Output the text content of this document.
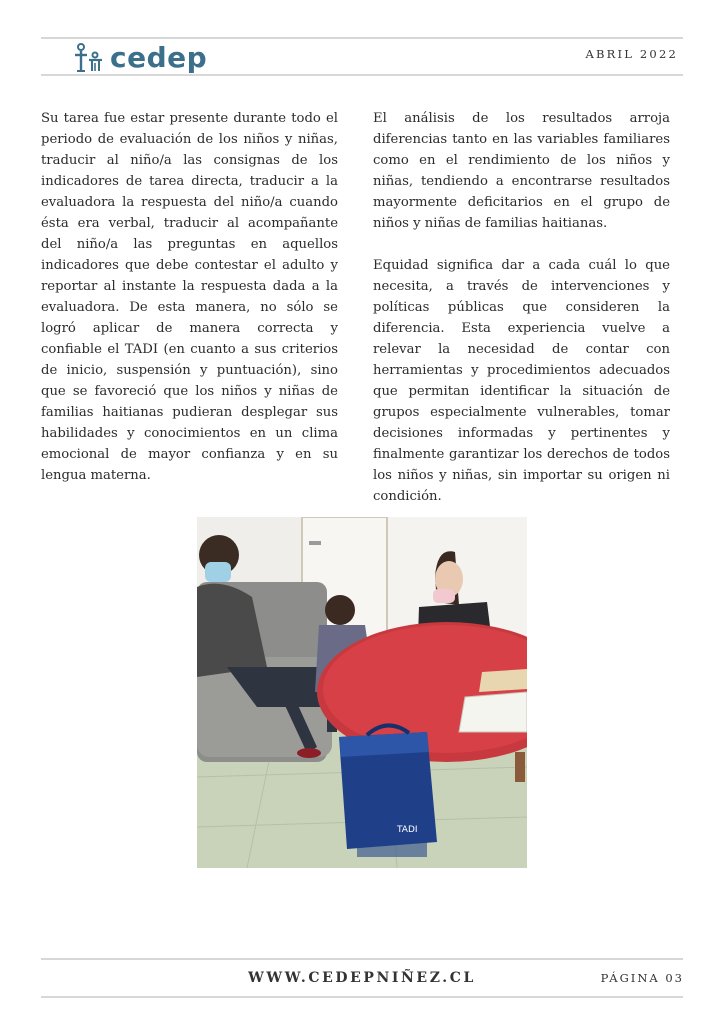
cedep	ABRIL 2022

Su tarea fue estar presente durante todo el periodo de evaluación de los niños y niñas, traducir al niño/a las consignas de los indicadores de tarea directa, traducir a la evaluadora la respuesta del niño/a cuando ésta era verbal, traducir al acompañante del niño/a las preguntas en aquellos indicadores que debe contestar el adulto y reportar al instante la respuesta dada a la evaluadora. De esta manera, no sólo se logró aplicar de manera correcta y confiable el TADI (en cuanto a sus criterios de inicio, suspensión y puntuación), sino que se favoreció que los niños y niñas de familias haitianas pudieran desplegar sus habilidades y conocimientos en un clima emocional de mayor confianza y en su lengua materna.

El análisis de los resultados arroja diferencias tanto en las variables familiares como en el rendimiento de los niños y niñas, tendiendo a encontrarse resultados mayormente deficitarios en el grupo de niños y niñas de familias haitianas.

Equidad significa dar a cada cuál lo que necesita, a través de intervenciones y políticas públicas que consideren la diferencia. Esta experiencia vuelve a relevar la necesidad de contar con herramientas y procedimientos adecuados que permitan identificar la situación de grupos especialmente vulnerables, tomar decisiones informadas y pertinentes y finalmente garantizar los derechos de todos los niños y niñas, sin importar su origen ni condición.

TADI
WWW.CEDEPNIÑEZ.CL	PÁGINA 03
